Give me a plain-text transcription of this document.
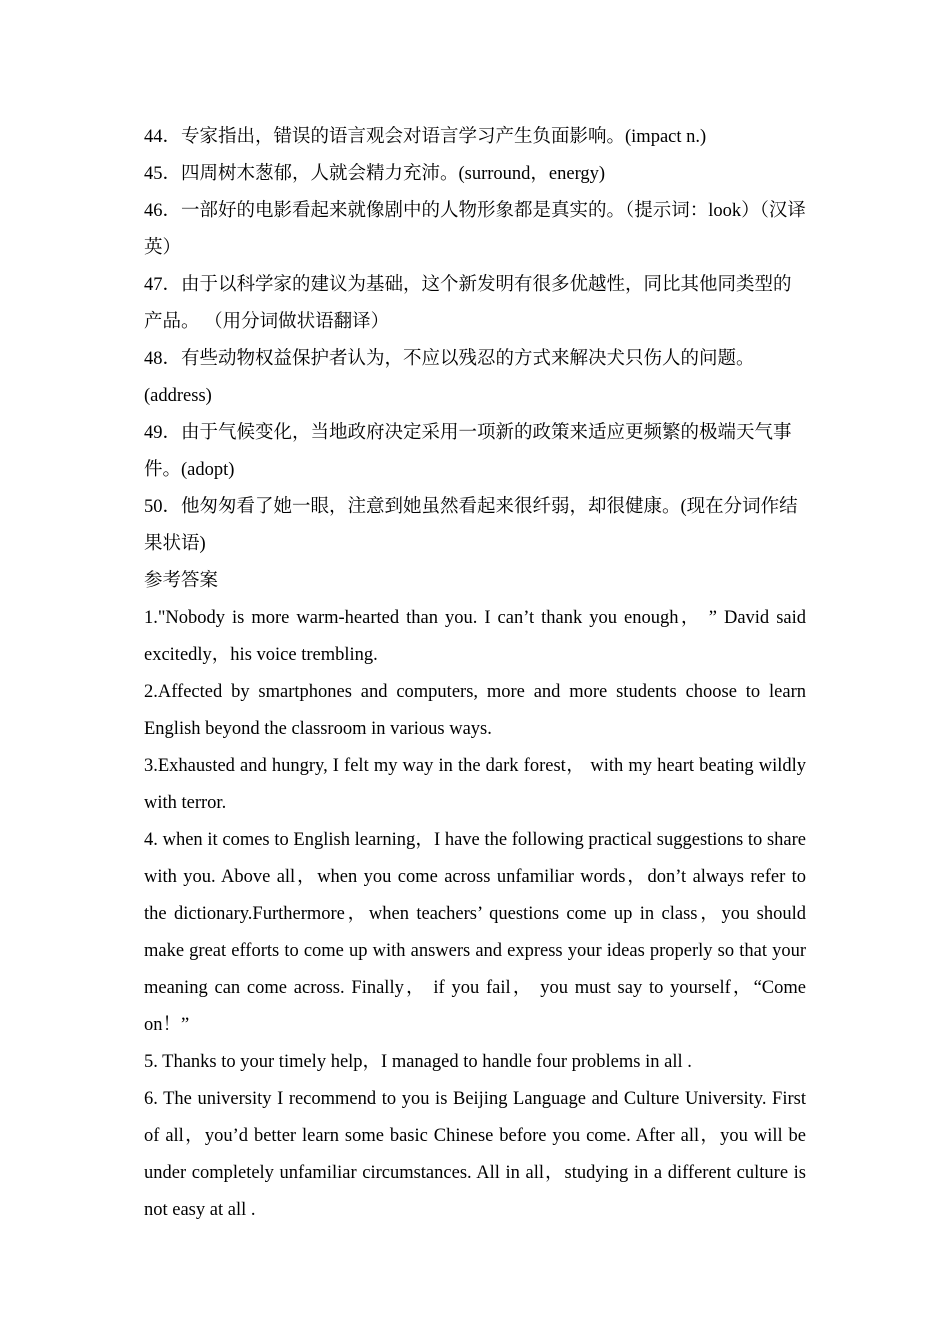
44．专家指出，错误的语言观会对语言学习产生负面影响。(impact n.)

45．四周树木葱郁，人就会精力充沛。(surround，energy)

46．一部好的电影看起来就像剧中的人物形象都是真实的。（提示词：look）（汉译英）

47．由于以科学家的建议为基础，这个新发明有很多优越性，同比其他同类型的产品。 （用分词做状语翻译）

48．有些动物权益保护者认为，不应以残忍的方式来解决犬只伤人的问题。(address)

49．由于气候变化，当地政府决定采用一项新的政策来适应更频繁的极端天气事件。(adopt)

50．他匆匆看了她一眼，注意到她虽然看起来很纤弱，却很健康。(现在分词作结果状语)

参考答案

1."Nobody is more warm-hearted than you. I can’t thank you enough， ” David said excitedly，his voice trembling.

2.Affected by smartphones and computers, more and more students choose to learn English beyond the classroom in various ways.

3.Exhausted and hungry, I felt my way in the dark forest， with my heart beating wildly with terror.

4. when it comes to English learning，I have the following practical suggestions to share with you. Above all，when you come across unfamiliar words，don’t always refer to the dictionary.Furthermore，when teachers’ questions come up in class，you should make great efforts to come up with answers and express your ideas properly so that your meaning can come across. Finally， if you fail， you must say to yourself，“Come on！”

5. Thanks to your timely help，I managed to handle four problems in all .

6. The university I recommend to you is Beijing Language and Culture University. First of all，you’d better learn some basic Chinese before you come. After all，you will be under completely unfamiliar circumstances. All in all，studying in a different culture is not easy at all .
